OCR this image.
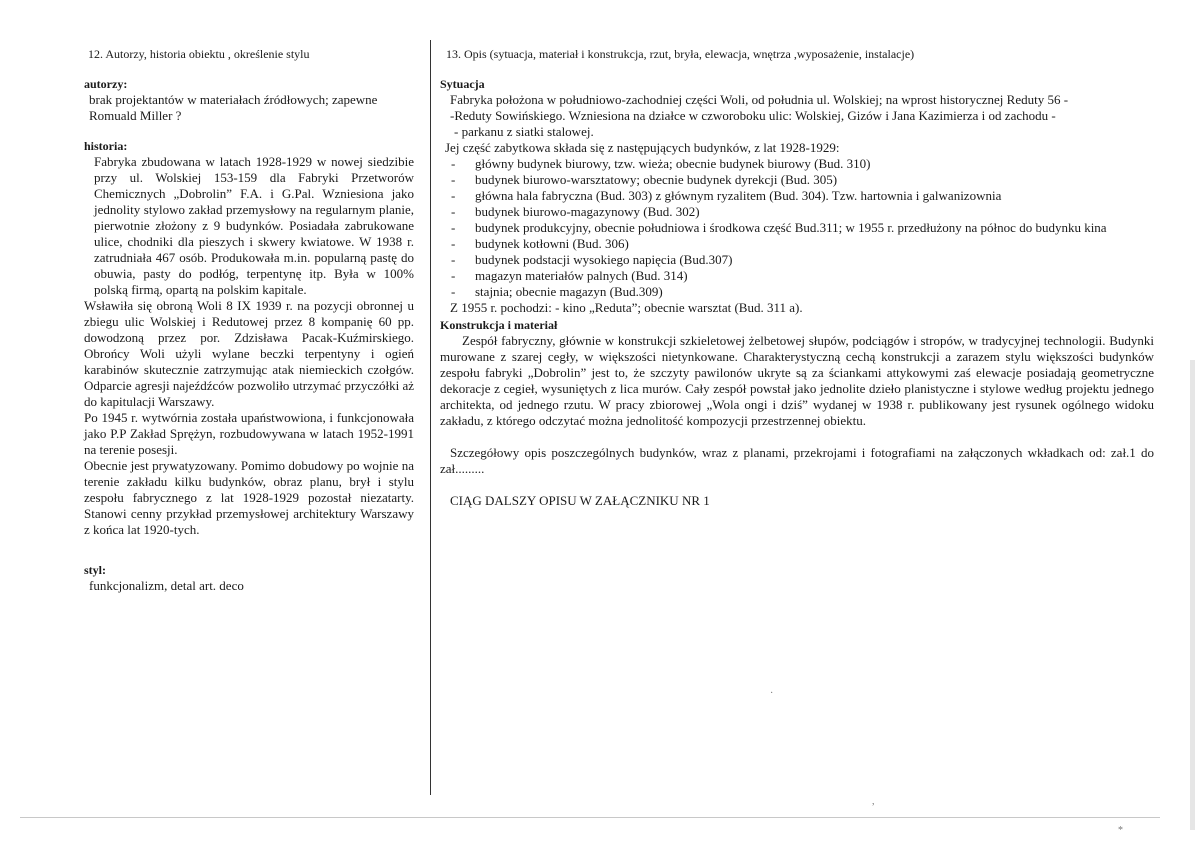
12. Autorzy, historia obiektu , określenie stylu
autorzy:
brak projektantów w materiałach źródłowych; zapewne Romuald Miller ?
historia:

Fabryka zbudowana w latach 1928-1929 w nowej siedzibie przy ul. Wolskiej 153-159 dla Fabryki Przetworów Chemicznych „Dobrolin” F.A. i G.Pal. Wzniesiona jako jednolity stylowo zakład przemysłowy na regularnym planie, pierwotnie złożony z 9 budynków. Posiadała zabrukowane ulice, chodniki dla pieszych i skwery kwiatowe. W 1938 r. zatrudniała 467 osób. Produkowała m.in. popularną pastę do obuwia, pasty do podłóg, terpentynę itp. Była w 100% polską firmą, opartą na polskim kapitale.

Wsławiła się obroną Woli 8 IX 1939 r. na pozycji obronnej u zbiegu ulic Wolskiej i Redutowej przez 8 kompanię 60 pp. dowodzoną przez por. Zdzisława Pacak-Kuźmirskiego. Obrońcy Woli użyli wylane beczki terpentyny i ogień karabinów skutecznie zatrzymując atak niemieckich czołgów. Odparcie agresji najeźdźców pozwoliło utrzymać przyczółki aż do kapitulacji Warszawy.

Po 1945 r. wytwórnia została upaństwowiona, i funkcjonowała jako P.P Zakład Sprężyn, rozbudowywana w latach 1952-1991 na terenie posesji.

Obecnie jest prywatyzowany. Pomimo dobudowy po wojnie na terenie zakładu kilku budynków, obraz planu, brył i stylu zespołu fabrycznego z lat 1928-1929 pozostał niezatarty. Stanowi cenny przykład przemysłowej architektury Warszawy z końca lat 1920-tych.

styl:
funkcjonalizm, detal art. deco
13. Opis (sytuacja, materiał i konstrukcja, rzut, bryła, elewacja, wnętrza ,wyposażenie, instalacje)
Sytuacja
Fabryka położona w południowo-zachodniej części Woli, od południa ul. Wolskiej; na wprost historycznej Reduty 56 -
-Reduty Sowińskiego. Wzniesiona na działce w czworoboku ulic: Wolskiej, Gizów i Jana Kazimierza i od zachodu -
- parkanu z siatki stalowej.
Jej część zabytkowa składa się z następujących budynków, z lat 1928-1929:
- główny budynek biurowy, tzw. wieża; obecnie budynek biurowy (Bud. 310)
- budynek biurowo-warsztatowy; obecnie budynek dyrekcji (Bud. 305)
- główna hala fabryczna (Bud. 303) z głównym ryzalitem (Bud. 304). Tzw. hartownia i galwanizownia
- budynek biurowo-magazynowy (Bud. 302)
- budynek produkcyjny, obecnie południowa i środkowa część Bud.311; w 1955 r. przedłużony na północ do budynku kina
- budynek kotłowni (Bud. 306)
- budynek podstacji wysokiego napięcia (Bud.307)
- magazyn materiałów palnych (Bud. 314)
- stajnia; obecnie magazyn (Bud.309)
Z 1955 r. pochodzi: - kino „Reduta”; obecnie warsztat (Bud. 311 a).
Konstrukcja i materiał
Zespół fabryczny, głównie w konstrukcji szkieletowej żelbetowej słupów, podciągów i stropów, w tradycyjnej technologii. Budynki murowane z szarej cegły, w większości nietynkowane. Charakterystyczną cechą konstrukcji a zarazem stylu większości budynków zespołu fabryki „Dobrolin” jest to, że szczyty pawilonów ukryte są za ściankami attykowymi zaś elewacje posiadają geometryczne dekoracje z cegieł, wysuniętych z lica murów. Cały zespół powstał jako jednolite dzieło planistyczne i stylowe według projektu jednego architekta, od jednego rzutu. W pracy zbiorowej „Wola ongi i dziś” wydanej w 1938 r. publikowany jest rysunek ogólnego widoku zakładu, z którego odczytać można jednolitość kompozycji przestrzennej obiektu.
Szczegółowy opis poszczególnych budynków, wraz z planami, przekrojami i fotografiami na załączonych wkładkach od: zał.1 do zał.........
CIĄG DALSZY OPISU W ZAŁĄCZNIKU NR 1
·
,
*
